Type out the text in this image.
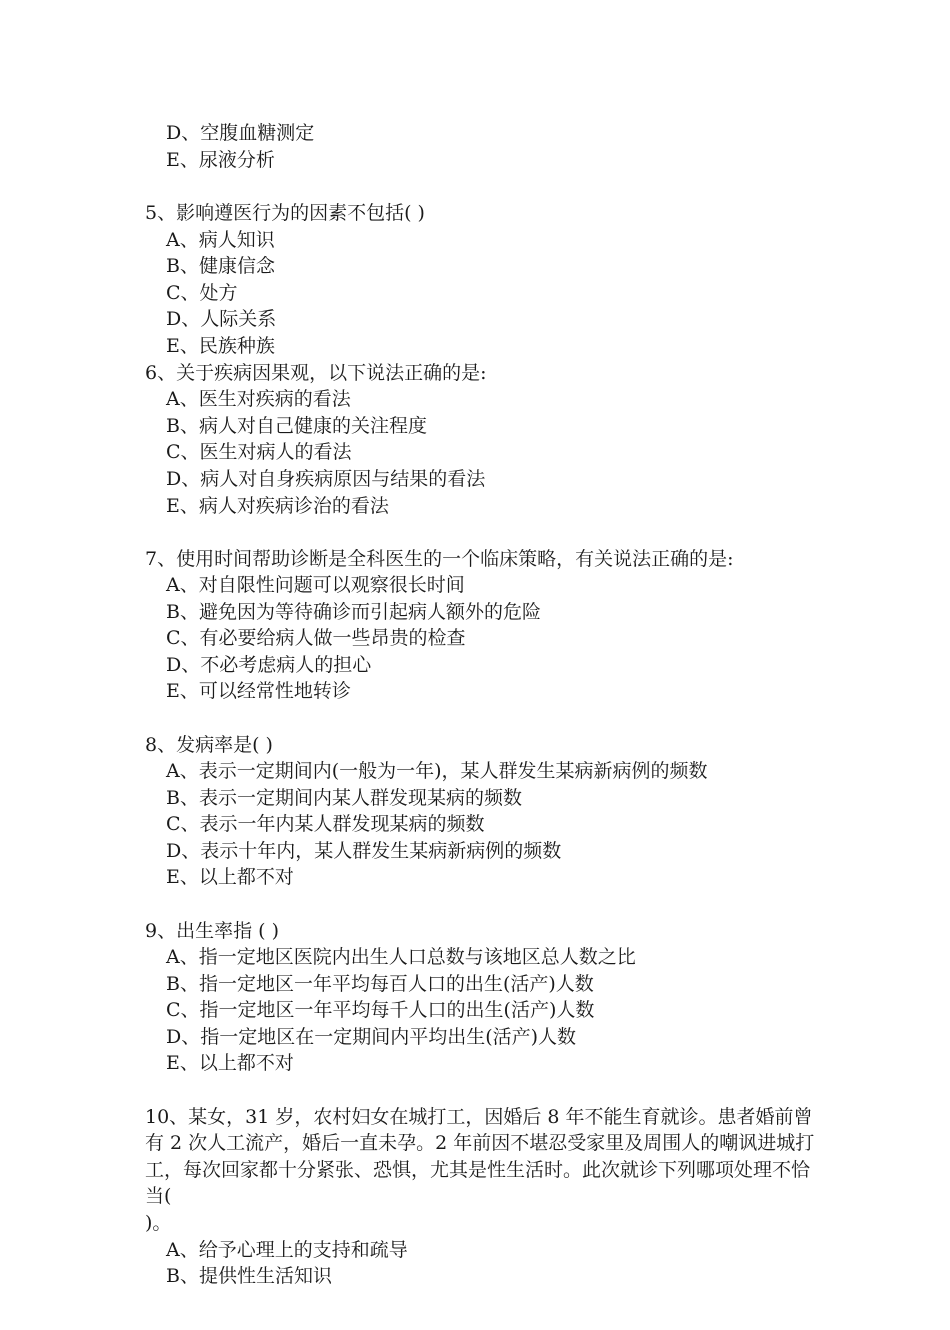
D、空腹血糖测定
E、尿液分析
5、影响遵医行为的因素不包括( )
A、病人知识
B、健康信念
C、处方
D、人际关系
E、民族种族
6、关于疾病因果观，以下说法正确的是:
A、医生对疾病的看法
B、病人对自己健康的关注程度
C、医生对病人的看法
D、病人对自身疾病原因与结果的看法
E、病人对疾病诊治的看法
7、使用时间帮助诊断是全科医生的一个临床策略，有关说法正确的是:
A、对自限性问题可以观察很长时间
B、避免因为等待确诊而引起病人额外的危险
C、有必要给病人做一些昂贵的检查
D、不必考虑病人的担心
E、可以经常性地转诊
8、发病率是( )
A、表示一定期间内(一般为一年)，某人群发生某病新病例的频数
B、表示一定期间内某人群发现某病的频数
C、表示一年内某人群发现某病的频数
D、表示十年内，某人群发生某病新病例的频数
E、以上都不对
9、出生率指 ( )
A、指一定地区医院内出生人口总数与该地区总人数之比
B、指一定地区一年平均每百人口的出生(活产)人数
C、指一定地区一年平均每千人口的出生(活产)人数
D、指一定地区在一定期间内平均出生(活产)人数
E、以上都不对
10、某女，31 岁，农村妇女在城打工，因婚后 8 年不能生育就诊。患者婚前曾
有 2 次人工流产，婚后一直未孕。2 年前因不堪忍受家里及周围人的嘲讽进城打
工，每次回家都十分紧张、恐惧，尤其是性生活时。此次就诊下列哪项处理不恰
当(
)。
A、给予心理上的支持和疏导
B、提供性生活知识
